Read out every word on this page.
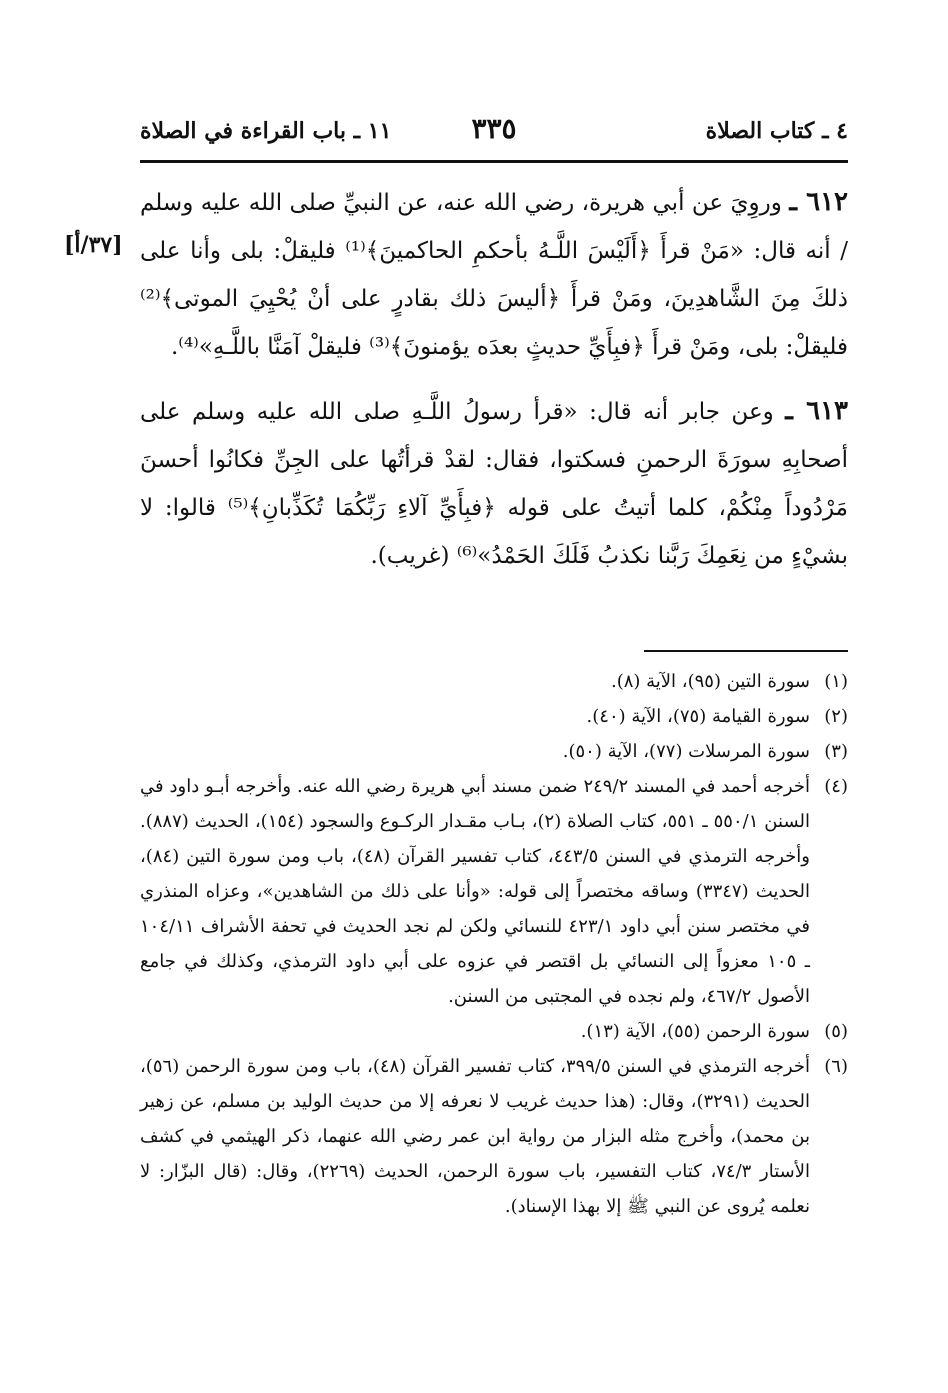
٤ ـ كتاب الصلاة
٣٣٥
١١ ـ باب القراءة في الصلاة
[٣٧/أ]

٦١٢ ـ وروِيَ عن أبي هريرة، رضي الله عنه، عن النبيِّ صلى الله عليه وسلم / أنه قال: «مَنْ قرأَ ﴿أَلَيْسَ اللَّـهُ بأحكمِ الحاكمينَ﴾⁽¹⁾ فليقلْ: بلى وأنا على ذلكَ مِنَ الشَّاهدِينَ، ومَنْ قرأَ ﴿أليسَ ذلك بقادرٍ على أنْ يُحْيِيَ الموتى﴾⁽²⁾ فليقلْ: بلى، ومَنْ قرأَ ﴿فبِأَيِّ حديثٍ بعدَه يؤمنونَ﴾⁽³⁾ فليقلْ آمَنَّا باللَّـهِ»⁽⁴⁾.

٦١٣ ـ وعن جابر أنه قال: «قرأ رسولُ اللَّـهِ صلى الله عليه وسلم على أصحابِهِ سورَةَ الرحمنِ فسكتوا، فقال: لقدْ قرأتُها على الجِنِّ فكانُوا أحسنَ مَرْدُوداً مِنْكُمْ، كلما أتيتُ على قوله ﴿فبِأَيِّ آلاءِ رَبِّكُمَا تُكَذِّبانِ﴾⁽⁵⁾ قالوا: لا بشيْءٍ من نِعَمِكَ رَبَّنا نكذبُ فَلَكَ الحَمْدُ»⁽⁶⁾ (غريب).

(١)
سورة التين (٩٥)، الآية (٨).
(٢)
سورة القيامة (٧٥)، الآية (٤٠).
(٣)
سورة المرسلات (٧٧)، الآية (٥٠).
(٤)
أخرجه أحمد في المسند ٢٤٩/٢ ضمن مسند أبي هريرة رضي الله عنه. وأخرجه أبـو داود في السنن ٥٥٠/١ ـ ٥٥١، كتاب الصلاة (٢)، بـاب مقـدار الركـوع والسجود (١٥٤)، الحديث (٨٨٧). وأخرجه الترمذي في السنن ٤٤٣/٥، كتاب تفسير القرآن (٤٨)، باب ومن سورة التين (٨٤)، الحديث (٣٣٤٧) وساقه مختصراً إلى قوله: «وأنا على ذلك من الشاهدين»، وعزاه المنذري في مختصر سنن أبي داود ٤٢٣/١ للنسائي ولكن لم نجد الحديث في تحفة الأشراف ١٠٤/١١ ـ ١٠٥ معزواً إلى النسائي بل اقتصر في عزوه على أبي داود الترمذي، وكذلك في جامع الأصول ٤٦٧/٢، ولم نجده في المجتبى من السنن.
(٥)
سورة الرحمن (٥٥)، الآية (١٣).
(٦)
أخرجه الترمذي في السنن ٣٩٩/٥، كتاب تفسير القرآن (٤٨)، باب ومن سورة الرحمن (٥٦)، الحديث (٣٢٩١)، وقال: (هذا حديث غريب لا نعرفه إلا من حديث الوليد بن مسلم، عن زهير بن محمد)، وأخرج مثله البزار من رواية ابن عمر رضي الله عنهما، ذكر الهيثمي في كشف الأستار ٧٤/٣، كتاب التفسير، باب سورة الرحمن، الحديث (٢٢٦٩)، وقال: (قال البزّار: لا نعلمه يُروى عن النبي ﷺ إلا بهذا الإسناد).
